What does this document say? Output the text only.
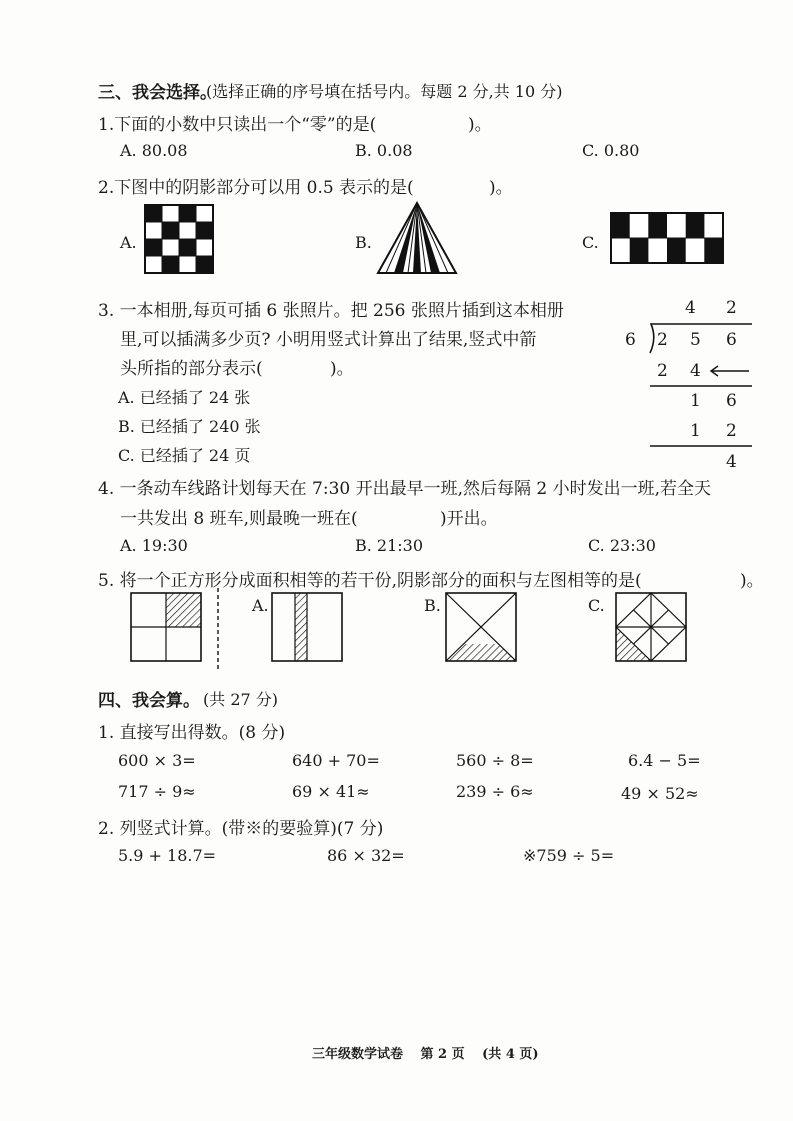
三、我会选择。
(选择正确的序号填在括号内。每题 2 分,共 10 分)
1.下面的小数中只读出一个“零”的是(	)。
A. 80.08	B. 0.08	C. 0.80
2.下图中的阴影部分可以用 0.5 表示的是(	)。
A.	B.	C.
3. 一本相册,每页可插 6 张照片。把 256 张照片插到这本相册
里,可以插满多少页? 小明用竖式计算出了结果,竖式中箭
头所指的部分表示(	)。
A. 已经插了 24 张
B. 已经插了 240 张
C. 已经插了 24 页
4 2
6 2 5 6
2 4
1 6
1 2
4
4. 一条动车线路计划每天在 7:30 开出最早一班,然后每隔 2 小时发出一班,若全天
一共发出 8 班车,则最晚一班在(	)开出。
A. 19:30	B. 21:30	C. 23:30
5. 将一个正方形分成面积相等的若干份,阴影部分的面积与左图相等的是(	)。
A.	B.	C.
四、我会算。 (共 27 分)
1. 直接写出得数。(8 分)
600 × 3=	640 + 70=	560 ÷ 8=	6.4 − 5=
717 ÷ 9≈	69 × 41≈	239 ÷ 6≈	49 × 52≈
2. 列竖式计算。(带※的要验算)(7 分)
5.9 + 18.7=	86 × 32=	※759 ÷ 5=
三年级数学试卷　 第 2 页　 (共 4 页)
